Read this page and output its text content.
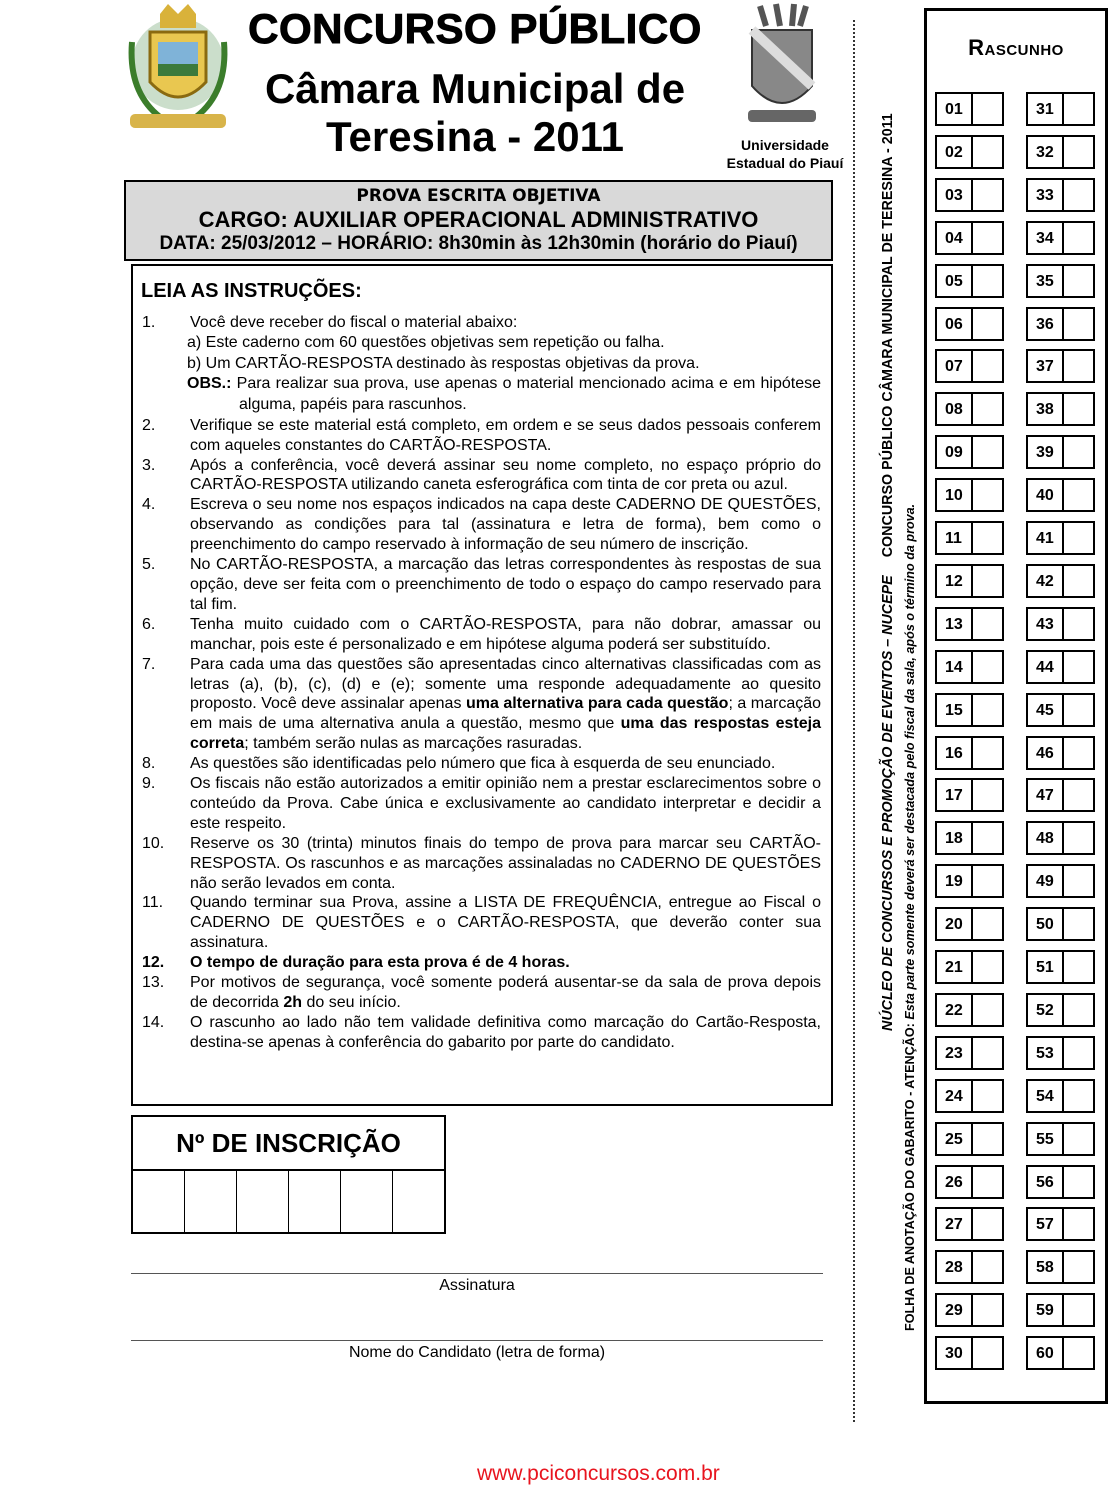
CONCURSO PÚBLICO
Câmara Municipal de
Teresina - 2011	Universidade
Estadual do Piauí
PROVA ESCRITA OBJETIVA
CARGO: AUXILIAR OPERACIONAL ADMINISTRATIVO
DATA: 25/03/2012 – HORÁRIO: 8h30min às 12h30min (horário do Piauí)
LEIA AS INSTRUÇÕES:
1. Você deve receber do fiscal o material abaixo:
a) Este caderno com 60 questões objetivas sem repetição ou falha.
b) Um CARTÃO-RESPOSTA destinado às respostas objetivas da prova.
OBS.: Para realizar sua prova, use apenas o material mencionado acima e em hipótese alguma, papéis para rascunhos.
2. Verifique se este material está completo, em ordem e se seus dados pessoais conferem com aqueles constantes do CARTÃO-RESPOSTA.
3. Após a conferência, você deverá assinar seu nome completo, no espaço próprio do CARTÃO-RESPOSTA utilizando caneta esferográfica com tinta de cor preta ou azul.
4. Escreva o seu nome nos espaços indicados na capa deste CADERNO DE QUESTÕES, observando as condições para tal (assinatura e letra de forma), bem como o preenchimento do campo reservado à informação de seu número de inscrição.
5. No CARTÃO-RESPOSTA, a marcação das letras correspondentes às respostas de sua opção, deve ser feita com o preenchimento de todo o espaço do campo reservado para tal fim.
6. Tenha muito cuidado com o CARTÃO-RESPOSTA, para não dobrar, amassar ou manchar, pois este é personalizado e em hipótese alguma poderá ser substituído.
7. Para cada uma das questões são apresentadas cinco alternativas classificadas com as letras (a), (b), (c), (d) e (e); somente uma responde adequadamente ao quesito proposto. Você deve assinalar apenas uma alternativa para cada questão; a marcação em mais de uma alternativa anula a questão, mesmo que uma das respostas esteja correta; também serão nulas as marcações rasuradas.
8. As questões são identificadas pelo número que fica à esquerda de seu enunciado.
9. Os fiscais não estão autorizados a emitir opinião nem a prestar esclarecimentos sobre o conteúdo da Prova. Cabe única e exclusivamente ao candidato interpretar e decidir a este respeito.
10. Reserve os 30 (trinta) minutos finais do tempo de prova para marcar seu CARTÃO-RESPOSTA. Os rascunhos e as marcações assinaladas no CADERNO DE QUESTÕES não serão levados em conta.
11. Quando terminar sua Prova, assine a LISTA DE FREQUÊNCIA, entregue ao Fiscal o CADERNO DE QUESTÕES e o CARTÃO-RESPOSTA, que deverão conter sua assinatura.
12. O tempo de duração para esta prova é de 4 horas.
13. Por motivos de segurança, você somente poderá ausentar-se da sala de prova depois de decorrida 2h do seu início.
14. O rascunho ao lado não tem validade definitiva como marcação do Cartão-Resposta, destina-se apenas à conferência do gabarito por parte do candidato.
Nº DE INSCRIÇÃO
Assinatura
Nome do Candidato (letra de forma)
NÚCLEO DE CONCURSOS E PROMOÇÃO DE EVENTOS – NUCEPECONCURSO PÚBLICO CÂMARA MUNICIPAL DE TERESINA - 2011
FOLHA DE ANOTAÇÃO DO GABARITO - ATENÇÃO: Esta parte somente deverá ser destacada pelo fiscal da sala, após o término da prova.
Rascunho
01	31
02	32
03	33
04	34
05	35
06	36
07	37
08	38
09	39
10	40
11	41
12	42
13	43
14	44
15	45
16	46
17	47
18	48
19	49
20	50
21	51
22	52
23	53
24	54
25	55
26	56
27	57
28	58
29	59
30	60
www.pciconcursos.com.br
